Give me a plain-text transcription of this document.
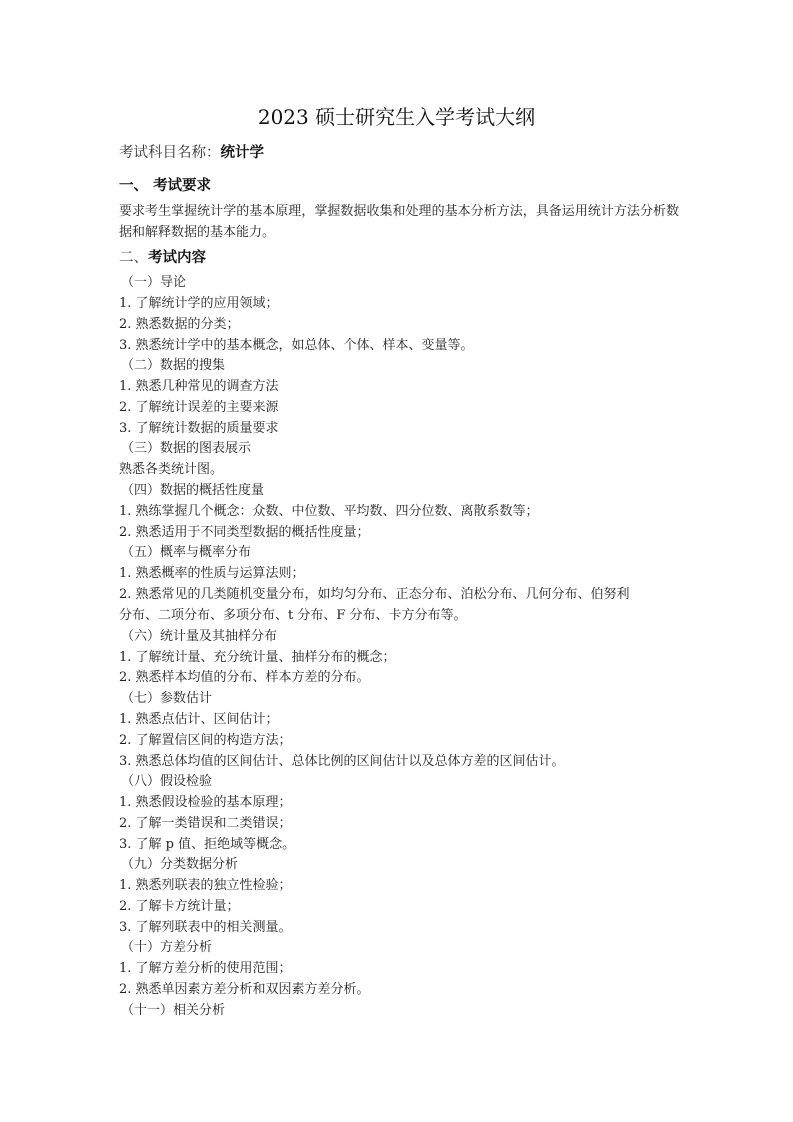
2023 硕士研究生入学考试大纲
考试科目名称：统计学
一、 考试要求
要求考生掌握统计学的基本原理，掌握数据收集和处理的基本分析方法，具备运用统计方法分析数据和解释数据的基本能力。
二、考试内容
（一）导论
1. 了解统计学的应用领域；
2. 熟悉数据的分类；
3. 熟悉统计学中的基本概念，如总体、个体、样本、变量等。
（二）数据的搜集
1. 熟悉几种常见的调查方法
2. 了解统计误差的主要来源
3. 了解统计数据的质量要求
（三）数据的图表展示
熟悉各类统计图。
（四）数据的概括性度量
1. 熟练掌握几个概念：众数、中位数、平均数、四分位数、离散系数等；
2. 熟悉适用于不同类型数据的概括性度量；
（五）概率与概率分布
1. 熟悉概率的性质与运算法则；
2. 熟悉常见的几类随机变量分布，如均匀分布、正态分布、泊松分布、几何分布、伯努利
分布、二项分布、多项分布、t 分布、F 分布、卡方分布等。
（六）统计量及其抽样分布
1. 了解统计量、充分统计量、抽样分布的概念；
2. 熟悉样本均值的分布、样本方差的分布。
（七）参数估计
1. 熟悉点估计、区间估计；
2. 了解置信区间的构造方法；
3. 熟悉总体均值的区间估计、总体比例的区间估计以及总体方差的区间估计。
（八）假设检验
1. 熟悉假设检验的基本原理；
2. 了解一类错误和二类错误；
3. 了解 p 值、拒绝域等概念。
（九）分类数据分析
1. 熟悉列联表的独立性检验；
2. 了解卡方统计量；
3. 了解列联表中的相关测量。
（十）方差分析
1. 了解方差分析的使用范围；
2. 熟悉单因素方差分析和双因素方差分析。
（十一）相关分析
